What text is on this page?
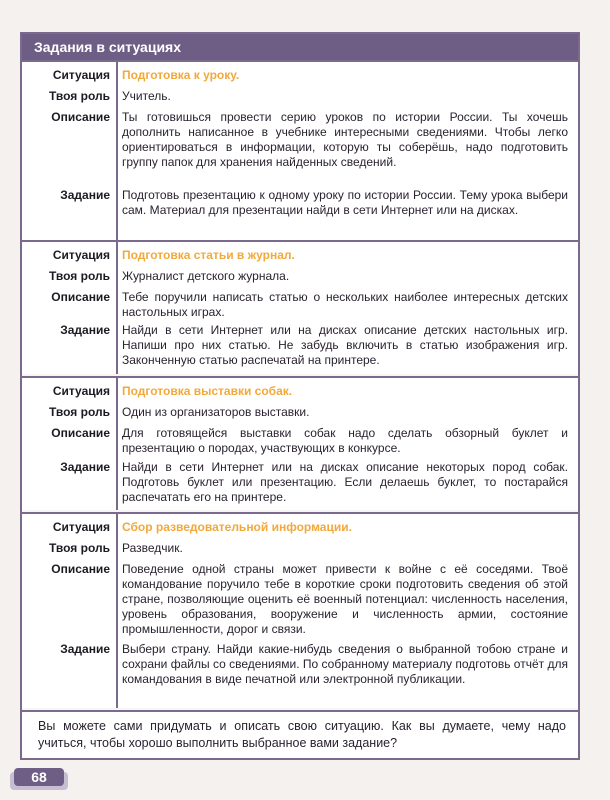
Задания в ситуациях
Ситуация Подготовка к уроку.
Твоя роль Учитель.
Описание Ты готовишься провести серию уроков по истории России. Ты хочешь дополнить написанное в учебнике интересными сведениями. Чтобы легко ориентироваться в информации, которую ты соберёшь, надо подготовить группу папок для хранения найденных сведений.
Задание Подготовь презентацию к одному уроку по истории России. Тему урока выбери сам. Материал для презентации найди в сети Интернет или на дисках.
Ситуация Подготовка статьи в журнал.
Твоя роль Журналист детского журнала.
Описание Тебе поручили написать статью о нескольких наиболее интересных детских настольных играх.
Задание Найди в сети Интернет или на дисках описание детских настольных игр. Напиши про них статью. Не забудь включить в статью изображения игр. Законченную статью распечатай на принтере.
Ситуация Подготовка выставки собак.
Твоя роль Один из организаторов выставки.
Описание Для готовящейся выставки собак надо сделать обзорный буклет и презентацию о породах, участвующих в конкурсе.
Задание Найди в сети Интернет или на дисках описание некоторых пород собак. Подготовь буклет или презентацию. Если делаешь буклет, то постарайся распечатать его на принтере.
Ситуация Сбор разведовательной информации.
Твоя роль Разведчик.
Описание Поведение одной страны может привести к войне с её соседями. Твоё командование поручило тебе в короткие сроки подготовить сведения об этой стране, позволяющие оценить её военный потенциал: численность населения, уровень образования, вооружение и численность армии, состояние промышленности, дорог и связи.
Задание Выбери страну. Найди какие-нибудь сведения о выбранной тобою стране и сохрани файлы со сведениями. По собранному материалу подготовь отчёт для командования в виде печатной или электронной публикации.
Вы можете сами придумать и описать свою ситуацию. Как вы думаете, чему надо учиться, чтобы хорошо выполнить выбранное вами задание?
68
